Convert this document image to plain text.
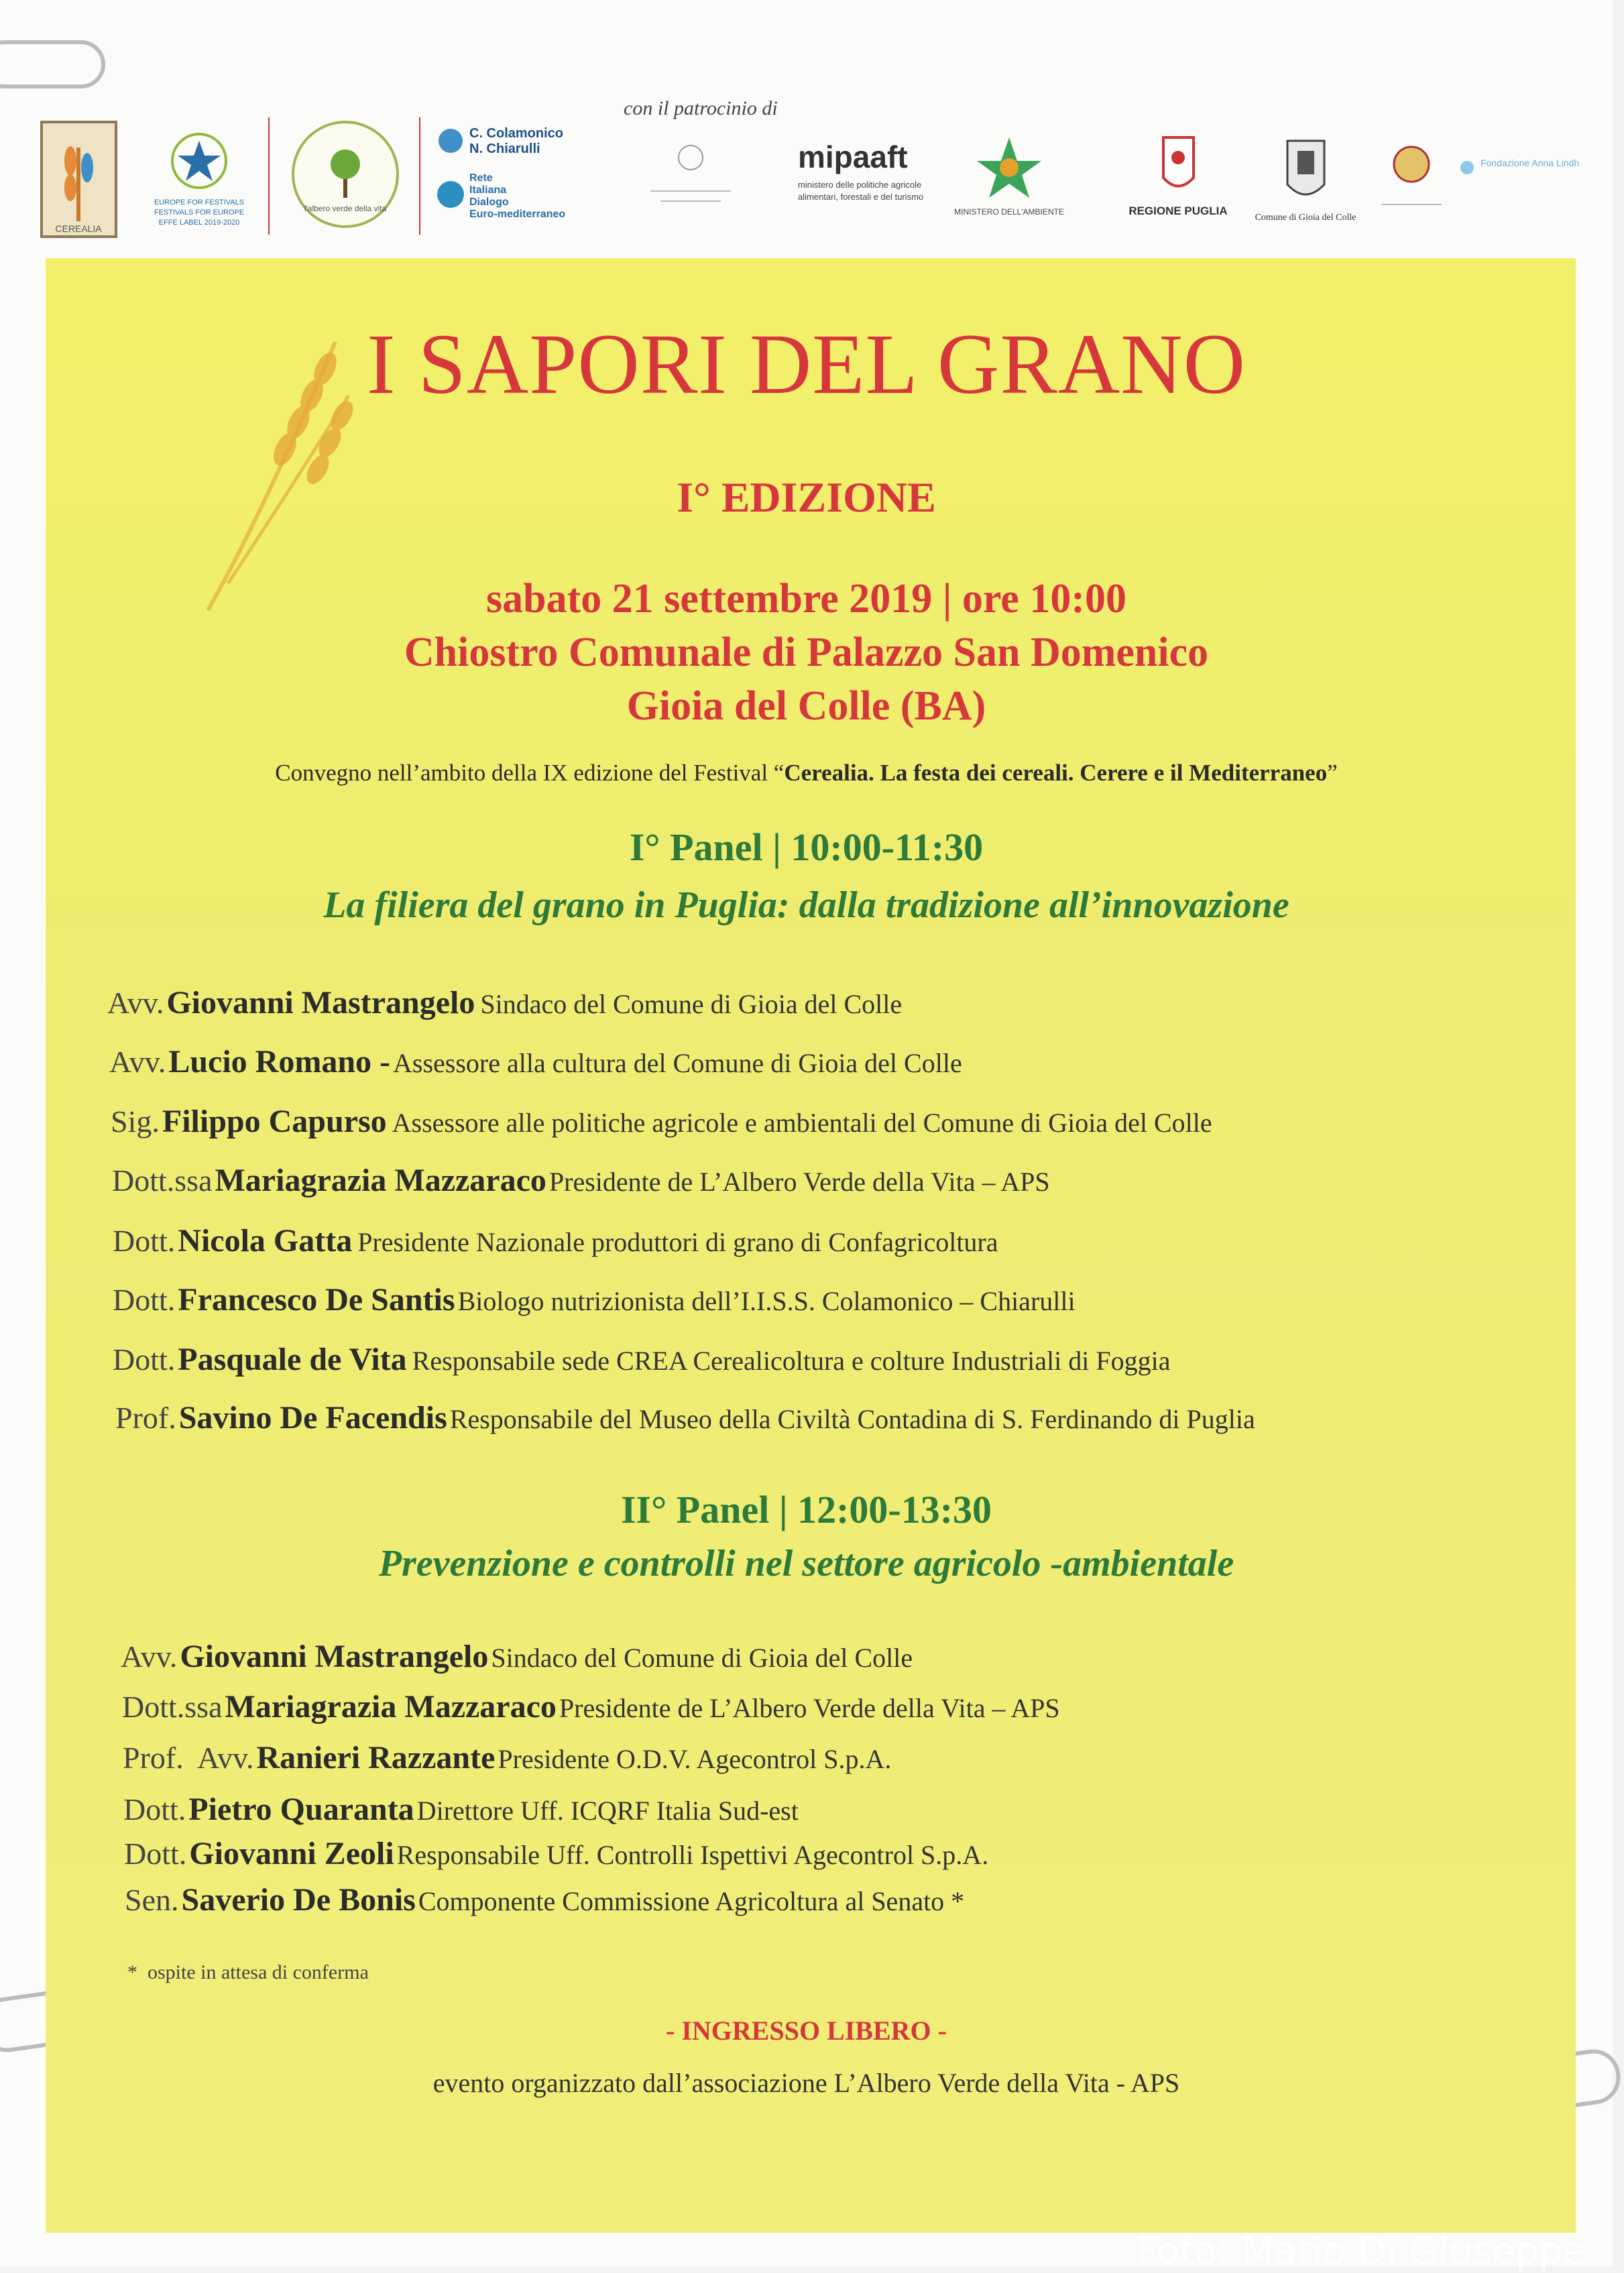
CEREALIA
EUROPE FOR FESTIVALS
FESTIVALS FOR EUROPE
EFFE LABEL 2019-2020
l'albero verde della vita
C. Colamonico
N. Chiarulli
Rete
Italiana
Dialogo
Euro-mediterraneo
mipaaft
ministero delle politiche agricole
alimentari, forestali e del turismo
MINISTERO DELL'AMBIENTE	REGIONE PUGLIA
Comune di Gioia del Colle
Fondazione Anna Lindh
con il patrocinio di
I SAPORI DEL GRANO
I° EDIZIONE
sabato 21 settembre 2019 | ore 10:00
Chiostro Comunale di Palazzo San Domenico
Gioia del Colle (BA)
Convegno nell’ambito della IX edizione del Festival “Cerealia. La festa dei cereali. Cerere e il Mediterraneo”
I° Panel | 10:00-11:30
La filiera del grano in Puglia: dalla tradizione all’innovazione
Avv. Giovanni Mastrangelo Sindaco del Comune di Gioia del Colle
Avv. Lucio Romano - Assessore alla cultura del Comune di Gioia del Colle
Sig. Filippo Capurso Assessore alle politiche agricole e ambientali del Comune di Gioia del Colle
Dott.ssa Mariagrazia Mazzaraco Presidente de L’Albero Verde della Vita – APS
Dott. Nicola Gatta Presidente Nazionale produttori di grano di Confagricoltura
Dott. Francesco De Santis Biologo nutrizionista dell’I.I.S.S. Colamonico – Chiarulli
Dott. Pasquale de Vita Responsabile sede CREA Cerealicoltura e colture Industriali di Foggia
Prof. Savino De Facendis Responsabile del Museo della Civiltà Contadina di S. Ferdinando di Puglia
II° Panel | 12:00-13:30
Prevenzione e controlli nel settore agricolo -ambientale
Avv. Giovanni Mastrangelo Sindaco del Comune di Gioia del Colle
Dott.ssa Mariagrazia Mazzaraco Presidente de L’Albero Verde della Vita – APS
Prof.  Avv. Ranieri Razzante Presidente O.D.V. Agecontrol S.p.A.
Dott. Pietro Quaranta Direttore Uff. ICQRF Italia Sud-est
Dott. Giovanni Zeoli Responsabile Uff. Controlli Ispettivi Agecontrol S.p.A.
Sen. Saverio De Bonis Componente Commissione Agricoltura al Senato *
* ospite in attesa di conferma
- INGRESSO LIBERO -
evento organizzato dall’associazione L’Albero Verde della Vita - APS
Foto: Mario Di Giuseppe
